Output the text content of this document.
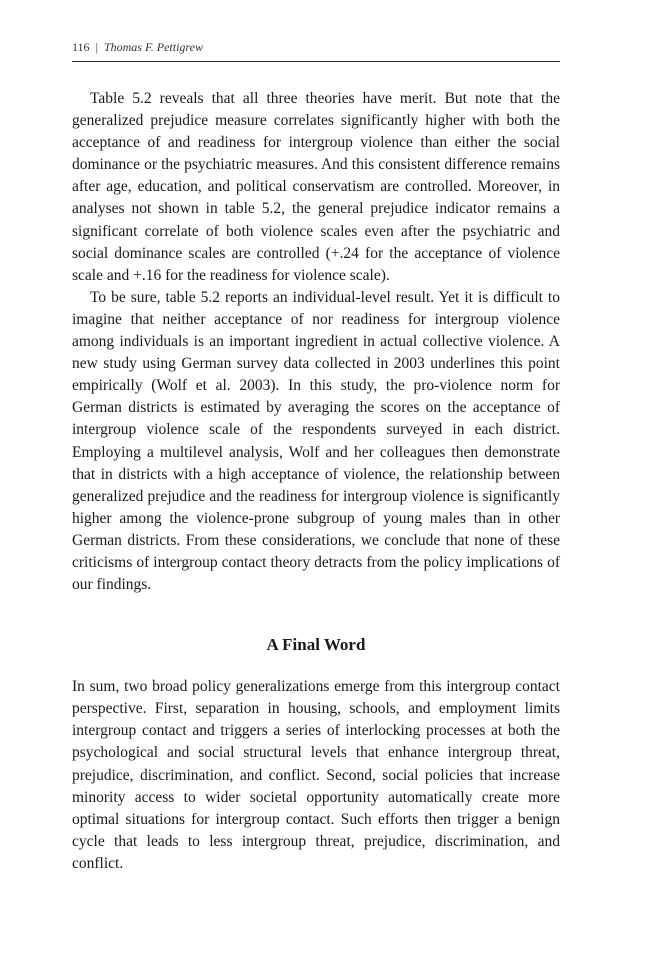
116 | Thomas F. Pettigrew

Table 5.2 reveals that all three theories have merit. But note that the generalized prejudice measure correlates significantly higher with both the acceptance of and readiness for intergroup violence than either the social dominance or the psychiatric measures. And this consistent difference remains after age, education, and political conservatism are controlled. Moreover, in analyses not shown in table 5.2, the general prejudice indicator remains a significant correlate of both violence scales even after the psychiatric and social dominance scales are controlled (+.24 for the acceptance of violence scale and +.16 for the readiness for violence scale).

To be sure, table 5.2 reports an individual-level result. Yet it is difficult to imagine that neither acceptance of nor readiness for intergroup violence among individuals is an important ingredient in actual collective violence. A new study using German survey data collected in 2003 underlines this point empirically (Wolf et al. 2003). In this study, the pro-violence norm for German districts is estimated by averaging the scores on the acceptance of intergroup violence scale of the respondents surveyed in each district. Employing a multilevel analysis, Wolf and her colleagues then demonstrate that in districts with a high acceptance of violence, the relationship between generalized prejudice and the readiness for intergroup violence is significantly higher among the violence-prone subgroup of young males than in other German districts. From these considerations, we conclude that none of these criticisms of intergroup contact theory detracts from the policy implications of our findings.

A Final Word

In sum, two broad policy generalizations emerge from this intergroup contact perspective. First, separation in housing, schools, and employment limits intergroup contact and triggers a series of interlocking processes at both the psychological and social structural levels that enhance intergroup threat, prejudice, discrimination, and conflict. Second, social policies that increase minority access to wider societal opportunity automatically create more optimal situations for intergroup contact. Such efforts then trigger a benign cycle that leads to less intergroup threat, prejudice, discrimination, and conflict.
